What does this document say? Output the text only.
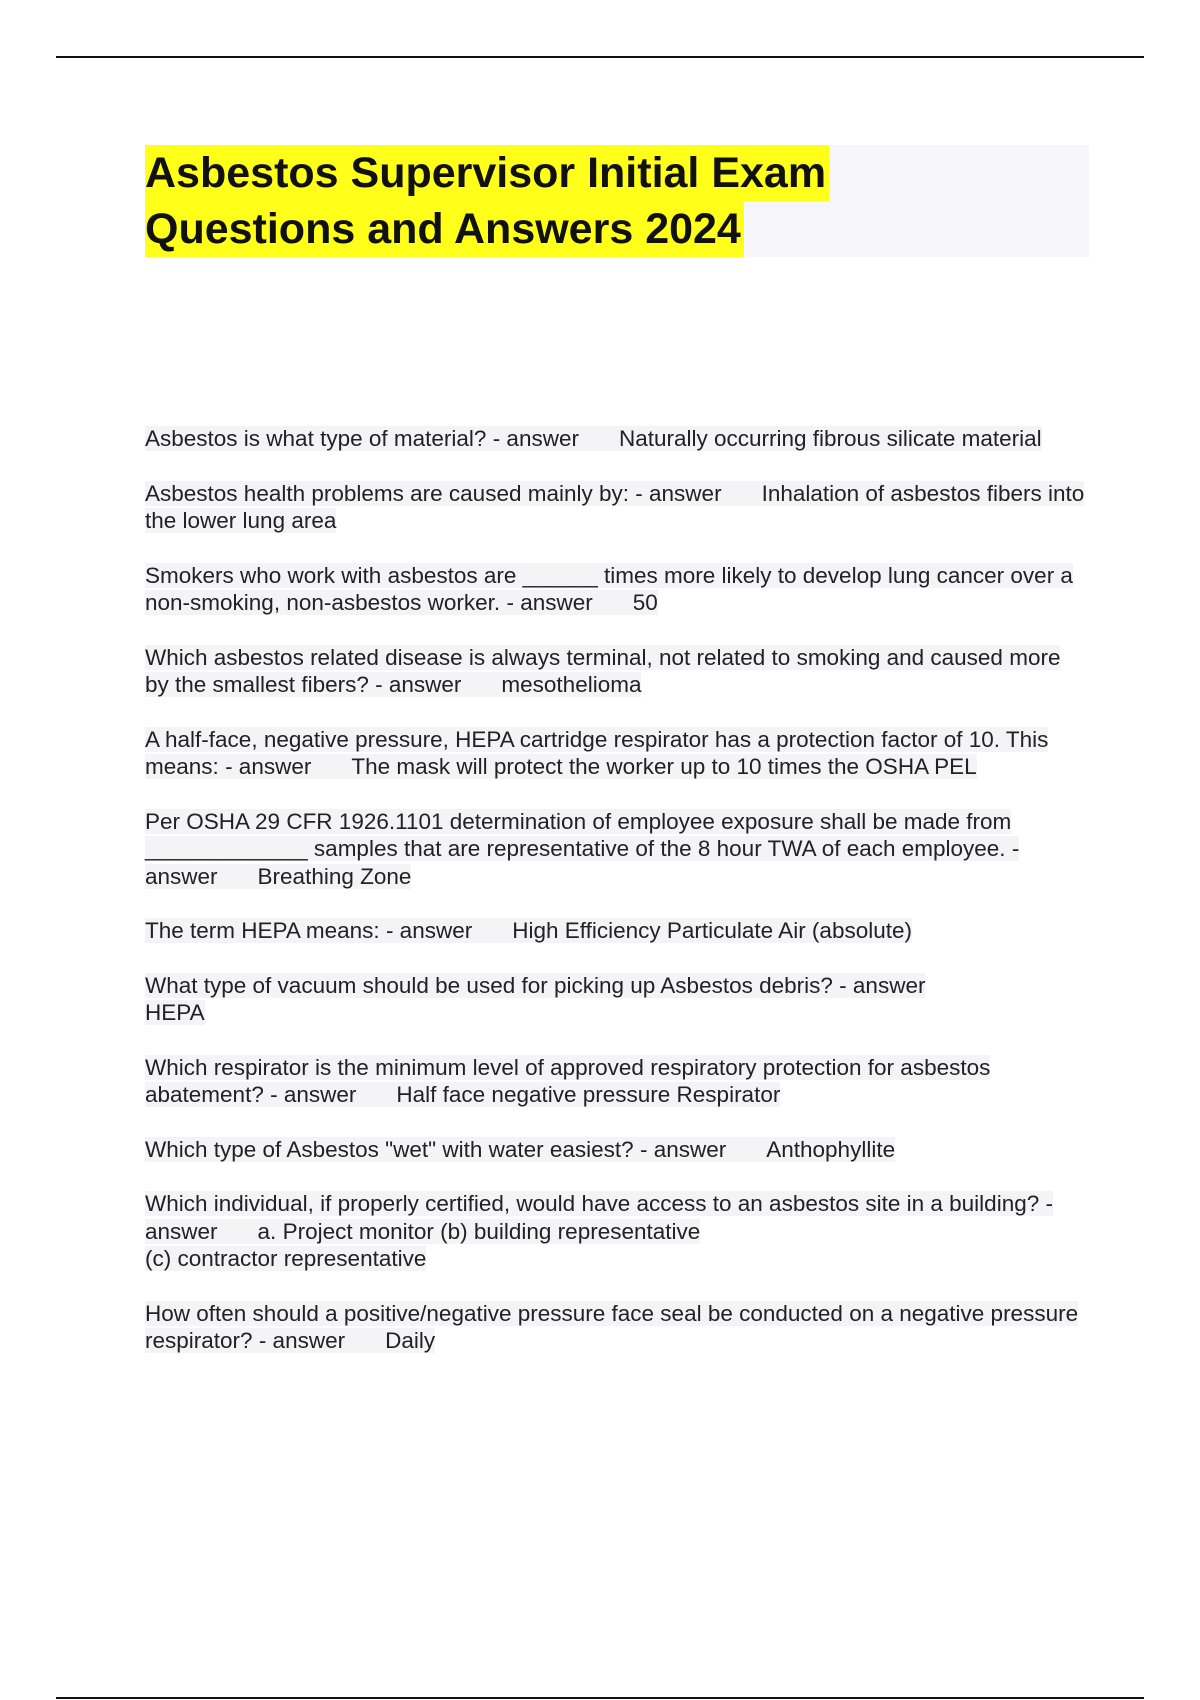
Asbestos Supervisor Initial Exam
Questions and Answers 2024

Asbestos is what type of material? - answer Naturally occurring fibrous silicate material

Asbestos health problems are caused mainly by: - answer Inhalation of asbestos fibers into the lower lung area

Smokers who work with asbestos are ______ times more likely to develop lung cancer over a non-smoking, non-asbestos worker. - answer 50

Which asbestos related disease is always terminal, not related to smoking and caused more by the smallest fibers? - answer mesothelioma

A half-face, negative pressure, HEPA cartridge respirator has a protection factor of 10. This means: - answer The mask will protect the worker up to 10 times the OSHA PEL

Per OSHA 29 CFR 1926.1101 determination of employee exposure shall be made from _____________ samples that are representative of the 8 hour TWA of each employee. - answer Breathing Zone

The term HEPA means: - answer High Efficiency Particulate Air (absolute)

What type of vacuum should be used for picking up Asbestos debris? - answer
HEPA

Which respirator is the minimum level of approved respiratory protection for asbestos abatement? - answer Half face negative pressure Respirator

Which type of Asbestos "wet" with water easiest? - answer Anthophyllite

Which individual, if properly certified, would have access to an asbestos site in a building? - answer a. Project monitor (b) building representative
(c) contractor representative

How often should a positive/negative pressure face seal be conducted on a negative pressure respirator? - answer Daily
